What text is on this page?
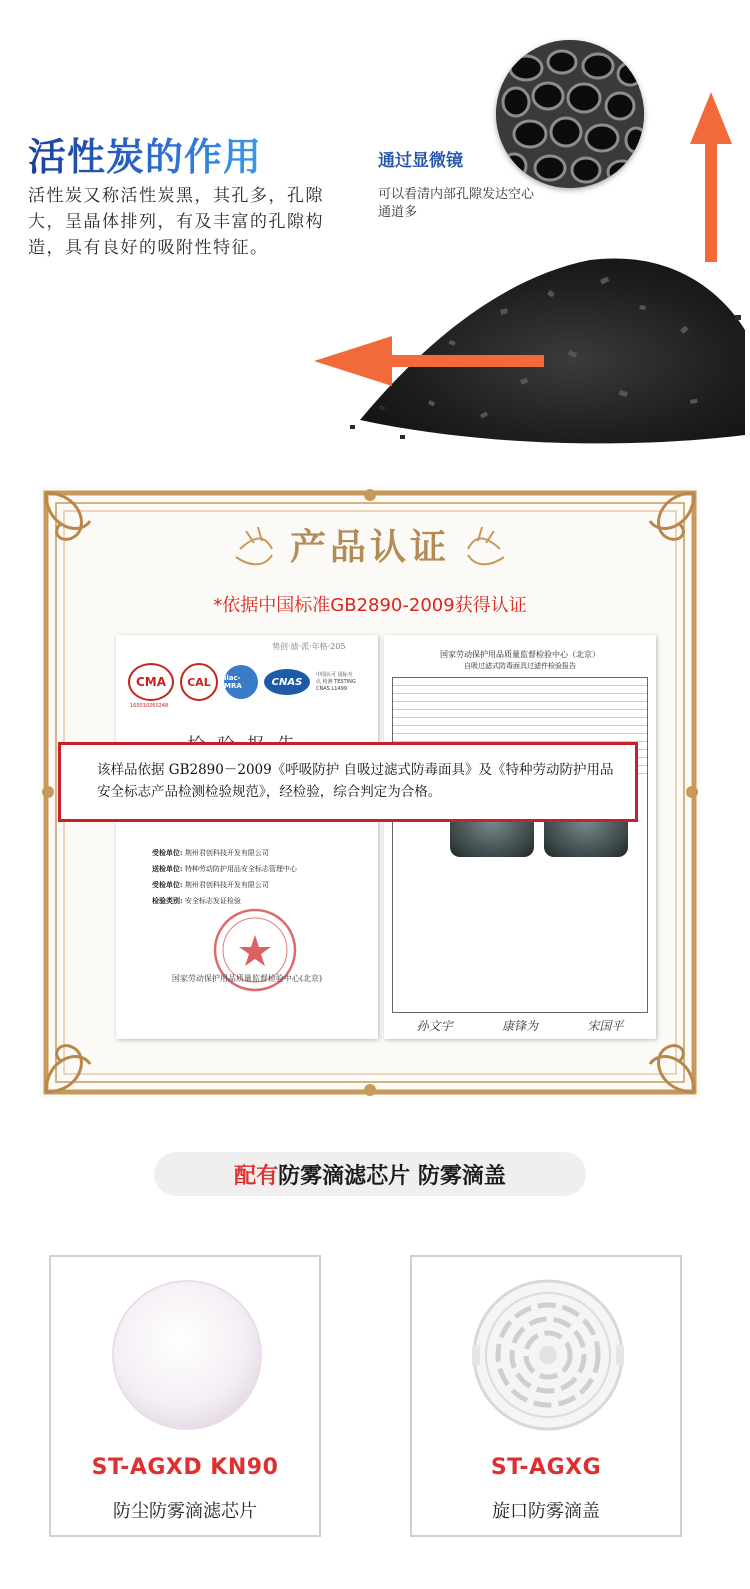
活性炭的作用

活性炭又称活性炭黑，其孔多，孔隙大，呈晶体排列，有及丰富的孔隙构造，具有良好的吸附性特征。

通过显微镜

可以看清内部孔隙发达空心通道多

产品认证
*依据中国标准GB2890-2009获得认证
势创·滤·派·年格·205
CMA	CAL	ilac-MRA	CNAS
中国认可 国际互认 检测 TESTING CNAS L1499
160010260248
受检单位: 荆州君创科技开发有限公司
送检单位: 特种劳动防护用品安全标志管理中心
受检单位: 荆州君创科技开发有限公司
检验类别: 安全标志发证检验
国家劳动保护用品质量监督检验中心(北京)
国家劳动保护用品质量监督检验中心（北京）
自吸过滤式防毒面具过滤件检验报告
孙文宇	康锋为	宋国平
该样品依据 GB2890－2009《呼吸防护 自吸过滤式防毒面具》及《特种劳动防护用品安全标志产品检测检验规范》，经检验，综合判定为合格。
配有 防雾滴滤芯片 防雾滴盖
ST-AGXD KN90
防尘防雾滴滤芯片
ST-AGXG
旋口防雾滴盖
